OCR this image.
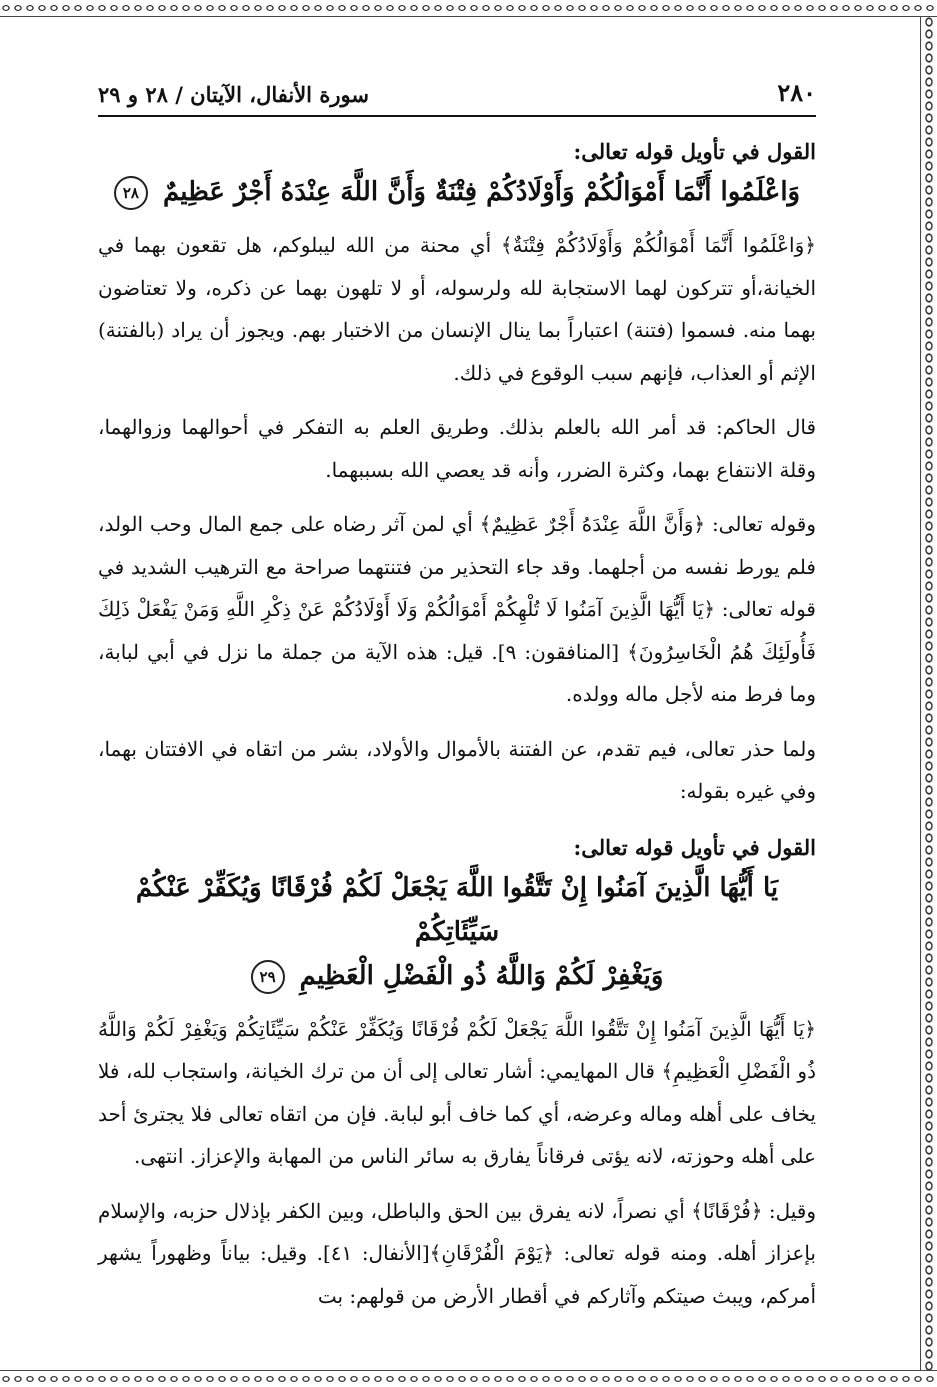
٢٨٠
سورة الأنفال، الآيتان / ٢٨ و ٢٩
القول في تأويل قوله تعالى:
وَاعْلَمُوا أَنَّمَا أَمْوَالُكُمْ وَأَوْلَادُكُمْ فِتْنَةٌ وَأَنَّ اللَّهَ عِنْدَهُ أَجْرٌ عَظِيمٌ ٢٨

﴿وَاعْلَمُوا أَنَّمَا أَمْوَالُكُمْ وَأَوْلَادُكُمْ فِتْنَةٌ﴾ أي محنة من الله ليبلوكم، هل تقعون بهما في الخيانة،أو تتركون لهما الاستجابة لله ولرسوله، أو لا تلهون بهما عن ذكره، ولا تعتاضون بهما منه. فسموا (فتنة) اعتباراً بما ينال الإنسان من الاختبار بهم. ويجوز أن يراد (بالفتنة) الإثم أو العذاب، فإنهم سبب الوقوع في ذلك.

قال الحاكم: قد أمر الله بالعلم بذلك. وطريق العلم به التفكر في أحوالهما وزوالهما، وقلة الانتفاع بهما، وكثرة الضرر، وأنه قد يعصي الله بسببهما.

وقوله تعالى: ﴿وَأَنَّ اللَّهَ عِنْدَهُ أَجْرٌ عَظِيمٌ﴾ أي لمن آثر رضاه على جمع المال وحب الولد، فلم يورط نفسه من أجلهما. وقد جاء التحذير من فتنتهما صراحة مع الترهيب الشديد في قوله تعالى: ﴿يَا أَيُّهَا الَّذِينَ آمَنُوا لَا تُلْهِكُمْ أَمْوَالُكُمْ وَلَا أَوْلَادُكُمْ عَنْ ذِكْرِ اللَّهِ وَمَنْ يَفْعَلْ ذَلِكَ فَأُولَئِكَ هُمُ الْخَاسِرُونَ﴾ [المنافقون: ٩]. قيل: هذه الآية من جملة ما نزل في أبي لبابة، وما فرط منه لأجل ماله وولده.

ولما حذر تعالى، فيم تقدم، عن الفتنة بالأموال والأولاد، بشر من اتقاه في الافتتان بهما، وفي غيره بقوله:

القول في تأويل قوله تعالى:
يَا أَيُّهَا الَّذِينَ آمَنُوا إِنْ تَتَّقُوا اللَّهَ يَجْعَلْ لَكُمْ فُرْقَانًا وَيُكَفِّرْ عَنْكُمْ سَيِّئَاتِكُمْ
وَيَغْفِرْ لَكُمْ وَاللَّهُ ذُو الْفَضْلِ الْعَظِيمِ ٢٩

﴿يَا أَيُّهَا الَّذِينَ آمَنُوا إِنْ تَتَّقُوا اللَّهَ يَجْعَلْ لَكُمْ فُرْقَانًا وَيُكَفِّرْ عَنْكُمْ سَيِّئَاتِكُمْ وَيَغْفِرْ لَكُمْ وَاللَّهُ ذُو الْفَضْلِ الْعَظِيمِ﴾ قال المهايمي: أشار تعالى إلى أن من ترك الخيانة، واستجاب لله، فلا يخاف على أهله وماله وعرضه، أي كما خاف أبو لبابة. فإن من اتقاه تعالى فلا يجترئ أحد على أهله وحوزته، لانه يؤتى فرقاناً يفارق به سائر الناس من المهابة والإعزاز. انتهى.

وقيل: ﴿فُرْقَانًا﴾ أي نصراً، لانه يفرق بين الحق والباطل، وبين الكفر بإذلال حزبه، والإسلام بإعزاز أهله. ومنه قوله تعالى: ﴿يَوْمَ الْفُرْقَانِ﴾[الأنفال: ٤١]. وقيل: بياناً وظهوراً يشهر أمركم، ويبث صيتكم وآثاركم في أقطار الأرض من قولهم: بت
